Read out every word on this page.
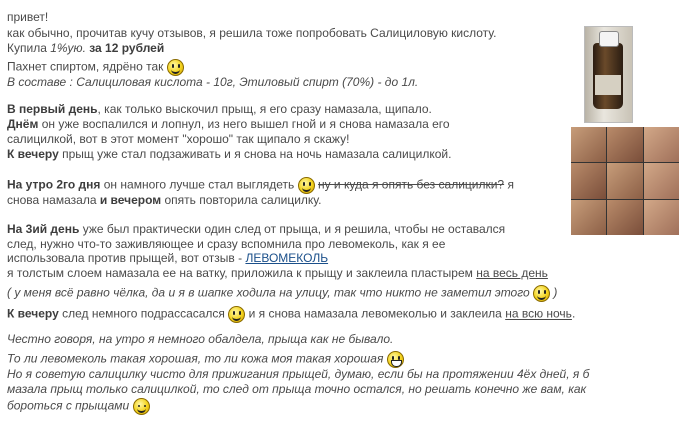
привет!
как обычно, прочитав кучу отзывов, я решила тоже попробовать Салициловую кислоту.
Купила 1%ую. за 12 рублей
Пахнет спиртом, ядрёно так
В составе : Салициловая кислота - 10г, Этиловый спирт (70%) - до 1л.
В первый день, как только выскочил прыщ, я его сразу намазала, щипало.
Днём он уже воспалился и лопнул, из него вышел гной и я снова намазала его
салицилкой, вот в этот момент "хорошо" так щипало я скажу!
К вечеру прыщ уже стал подзаживать и я снова на ночь намазала салицилкой.
На утро 2го дня он намного лучше стал выглядеть ну и куда я опять без салицилки? я
снова намазала и вечером опять повторила салицилку.
На 3ий день уже был практически один след от прыща, и я решила, чтобы не оставался
след, нужно что-то заживляющее и сразу вспомнила про левомеколь, как я ее
использовала против прыщей, вот отзыв - ЛЕВОМЕКОЛЬ
я толстым слоем намазала ее на ватку, приложила к прыщу и заклеила пластырем на весь день
( у меня всё равно чёлка, да и я в шапке ходила на улицу, так что никто не заметил этого  )
К вечеру след немного подрассасался  и я снова намазала левомеколью и заклеила на всю ночь.
Честно говоря, на утро я немного обалдела, прыща как не бывало.
То ли левомеколь такая хорошая, то ли кожа моя такая хорошая
Но я советую салицилку чисто для прижигания прыщей, думаю, если бы на протяжении 4ёх дней, я б
мазала прыщ только салицилкой, то след от прыща точно остался, но решать конечно же вам, как
бороться с прыщами
